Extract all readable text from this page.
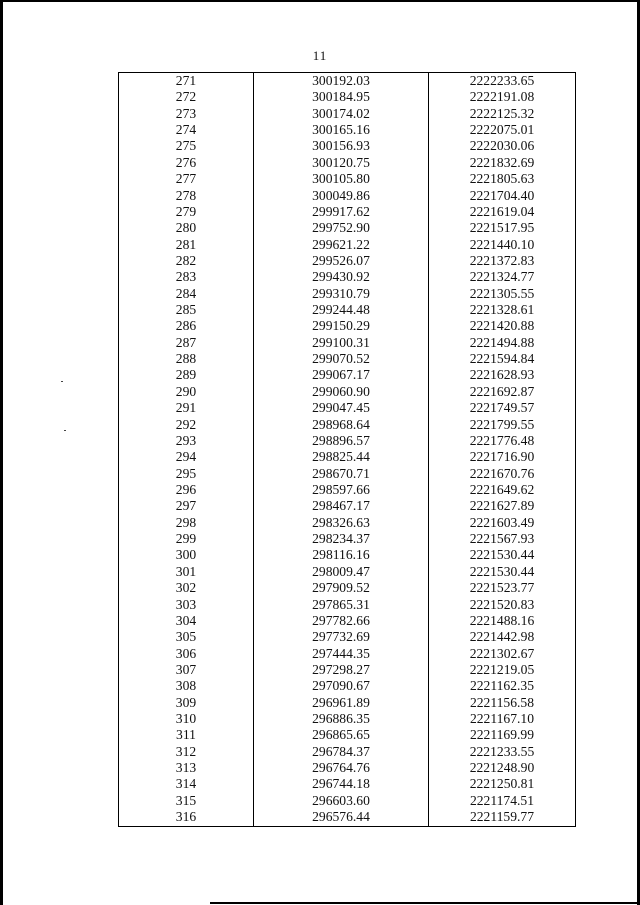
11
271	300192.03	2222233.65
272	300184.95	2222191.08
273	300174.02	2222125.32
274	300165.16	2222075.01
275	300156.93	2222030.06
276	300120.75	2221832.69
277	300105.80	2221805.63
278	300049.86	2221704.40
279	299917.62	2221619.04
280	299752.90	2221517.95
281	299621.22	2221440.10
282	299526.07	2221372.83
283	299430.92	2221324.77
284	299310.79	2221305.55
285	299244.48	2221328.61
286	299150.29	2221420.88
287	299100.31	2221494.88
288	299070.52	2221594.84
289	299067.17	2221628.93
290	299060.90	2221692.87
291	299047.45	2221749.57
292	298968.64	2221799.55
293	298896.57	2221776.48
294	298825.44	2221716.90
295	298670.71	2221670.76
296	298597.66	2221649.62
297	298467.17	2221627.89
298	298326.63	2221603.49
299	298234.37	2221567.93
300	298116.16	2221530.44
301	298009.47	2221530.44
302	297909.52	2221523.77
303	297865.31	2221520.83
304	297782.66	2221488.16
305	297732.69	2221442.98
306	297444.35	2221302.67
307	297298.27	2221219.05
308	297090.67	2221162.35
309	296961.89	2221156.58
310	296886.35	2221167.10
311	296865.65	2221169.99
312	296784.37	2221233.55
313	296764.76	2221248.90
314	296744.18	2221250.81
315	296603.60	2221174.51
316	296576.44	2221159.77
